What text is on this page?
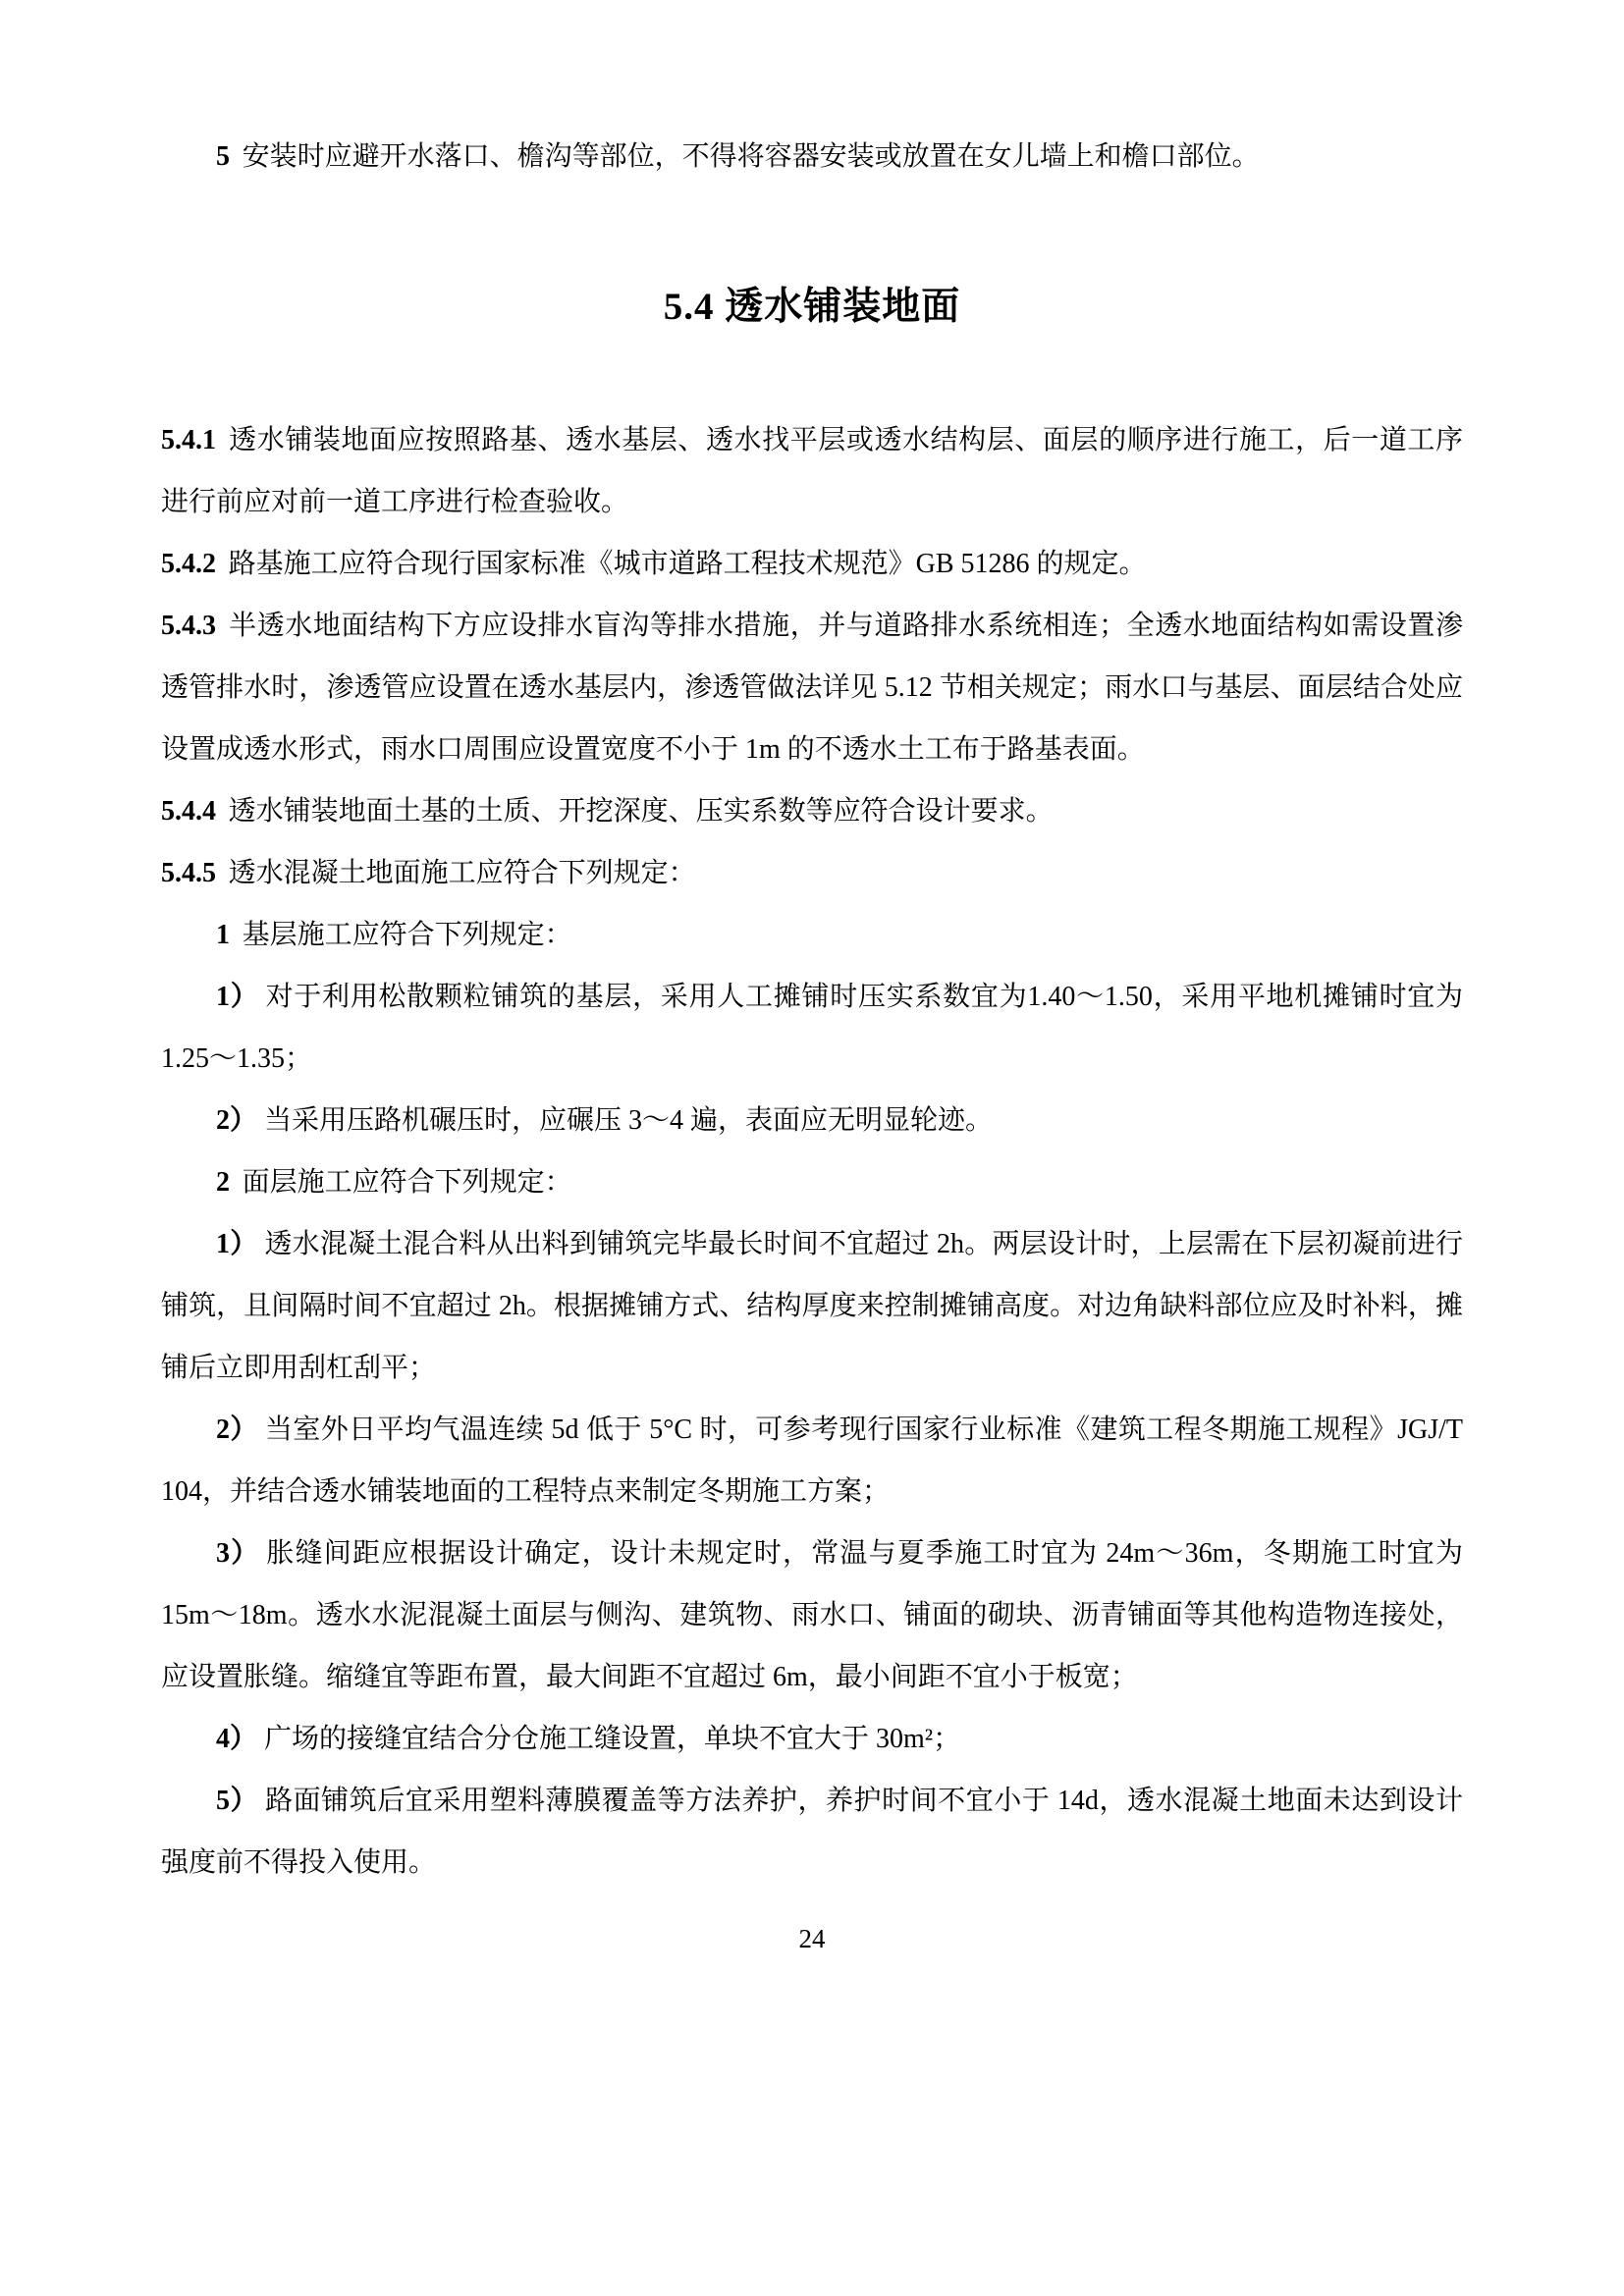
5 安装时应避开水落口、檐沟等部位，不得将容器安装或放置在女儿墙上和檐口部位。

5.4 透水铺装地面

5.4.1 透水铺装地面应按照路基、透水基层、透水找平层或透水结构层、面层的顺序进行施工，后一道工序进行前应对前一道工序进行检查验收。

5.4.2 路基施工应符合现行国家标准《城市道路工程技术规范》GB 51286 的规定。

5.4.3 半透水地面结构下方应设排水盲沟等排水措施，并与道路排水系统相连；全透水地面结构如需设置渗透管排水时，渗透管应设置在透水基层内，渗透管做法详见 5.12 节相关规定；雨水口与基层、面层结合处应设置成透水形式，雨水口周围应设置宽度不小于 1m 的不透水土工布于路基表面。

5.4.4 透水铺装地面土基的土质、开挖深度、压实系数等应符合设计要求。

5.4.5 透水混凝土地面施工应符合下列规定：

1 基层施工应符合下列规定：

1） 对于利用松散颗粒铺筑的基层，采用人工摊铺时压实系数宜为1.40～1.50，采用平地机摊铺时宜为1.25～1.35；

2） 当采用压路机碾压时，应碾压 3～4 遍，表面应无明显轮迹。

2 面层施工应符合下列规定：

1） 透水混凝土混合料从出料到铺筑完毕最长时间不宜超过 2h。两层设计时，上层需在下层初凝前进行铺筑，且间隔时间不宜超过 2h。根据摊铺方式、结构厚度来控制摊铺高度。对边角缺料部位应及时补料，摊铺后立即用刮杠刮平；

2） 当室外日平均气温连续 5d 低于 5°C 时，可参考现行国家行业标准《建筑工程冬期施工规程》JGJ/T 104，并结合透水铺装地面的工程特点来制定冬期施工方案；

3） 胀缝间距应根据设计确定，设计未规定时，常温与夏季施工时宜为 24m～36m，冬期施工时宜为 15m～18m。透水水泥混凝土面层与侧沟、建筑物、雨水口、铺面的砌块、沥青铺面等其他构造物连接处，应设置胀缝。缩缝宜等距布置，最大间距不宜超过 6m，最小间距不宜小于板宽；

4） 广场的接缝宜结合分仓施工缝设置，单块不宜大于 30m²；

5） 路面铺筑后宜采用塑料薄膜覆盖等方法养护，养护时间不宜小于 14d，透水混凝土地面未达到设计强度前不得投入使用。

24
